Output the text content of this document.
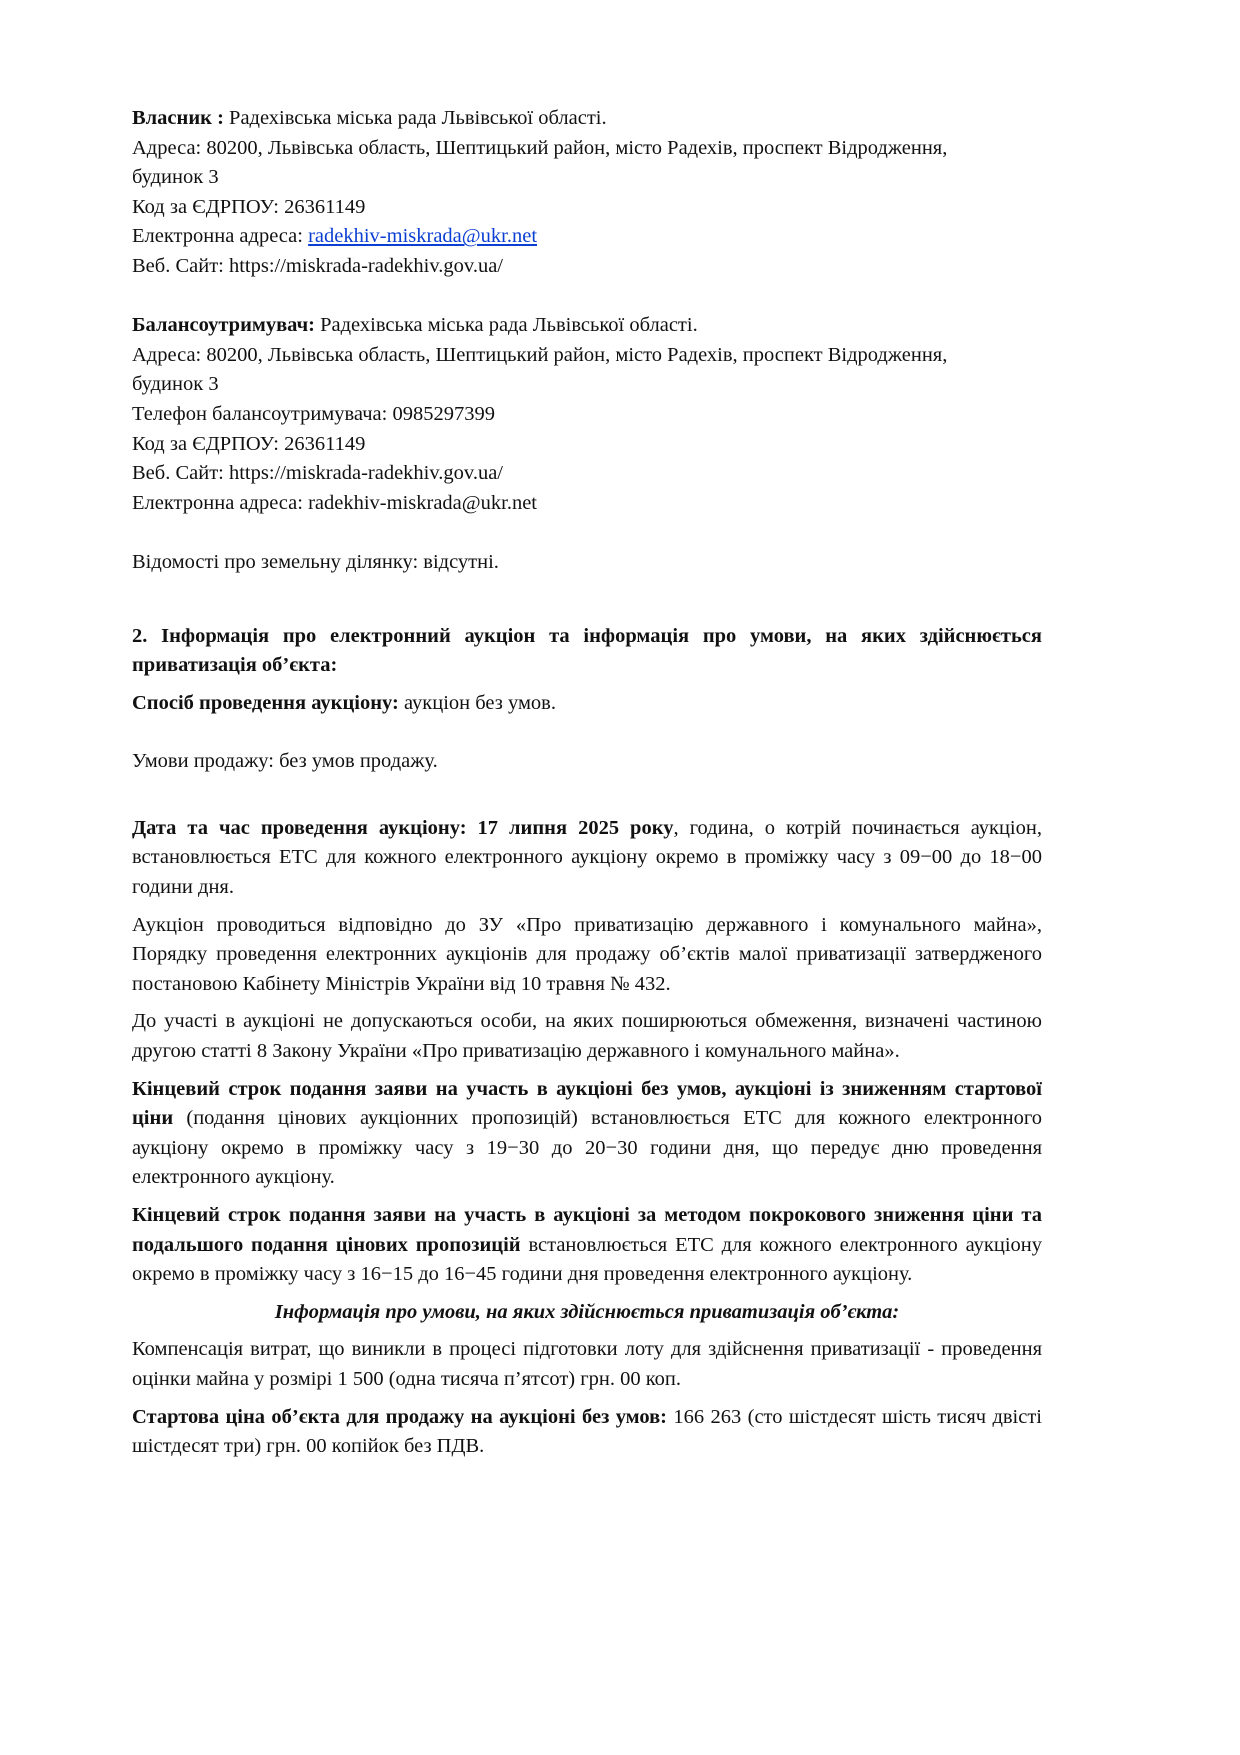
Власник : Радехівська міська рада Львівської області.
Адреса: 80200, Львівська область, Шептицький район, місто Радехів, проспект Відродження,
будинок 3
Код за ЄДРПОУ: 26361149
Електронна адреса: radekhiv-miskrada@ukr.net
Веб. Сайт: https://miskrada-radekhiv.gov.ua/
Балансоутримувач: Радехівська міська рада Львівської області.
Адреса: 80200, Львівська область, Шептицький район, місто Радехів, проспект Відродження,
будинок 3
Телефон балансоутримувача: 0985297399
Код за ЄДРПОУ: 26361149
Веб. Сайт: https://miskrada-radekhiv.gov.ua/
Електронна адреса: radekhiv-miskrada@ukr.net
Відомості про земельну ділянку: відсутні.

2. Інформація про електронний аукціон та інформація про умови, на яких здійснюється приватизація об’єкта:

Спосіб проведення аукціону: аукціон без умов.

Умови продажу: без умов продажу.

Дата та час проведення аукціону: 17 липня 2025 року, година, о котрій починається аукціон, встановлюється ЕТС для кожного електронного аукціону окремо в проміжку часу з 09−00 до 18−00 години дня.

Аукціон проводиться відповідно до ЗУ «Про приватизацію державного і комунального майна», Порядку проведення електронних аукціонів для продажу об’єктів малої приватизації затвердженого постановою Кабінету Міністрів України від 10 травня № 432.

До участі в аукціоні не допускаються особи, на яких поширюються обмеження, визначені частиною другою статті 8 Закону України «Про приватизацію державного і комунального майна».

Кінцевий строк подання заяви на участь в аукціоні без умов, аукціоні із зниженням стартової ціни (подання цінових аукціонних пропозицій) встановлюється ЕТС для кожного електронного аукціону окремо в проміжку часу з 19−30 до 20−30 години дня, що передує дню проведення електронного аукціону.

Кінцевий строк подання заяви на участь в аукціоні за методом покрокового зниження ціни та подальшого подання цінових пропозицій встановлюється ЕТС для кожного електронного аукціону окремо в проміжку часу з 16−15 до 16−45 години дня проведення електронного аукціону.

Інформація про умови, на яких здійснюється приватизація об’єкта:

Компенсація витрат, що виникли в процесі підготовки лоту для здійснення приватизації - проведення оцінки майна у розмірі 1 500 (одна тисяча п’ятсот) грн. 00 коп.

Стартова ціна об’єкта для продажу на аукціоні без умов: 166 263 (сто шістдесят шість тисяч двісті шістдесят три) грн. 00 копійок без ПДВ.
